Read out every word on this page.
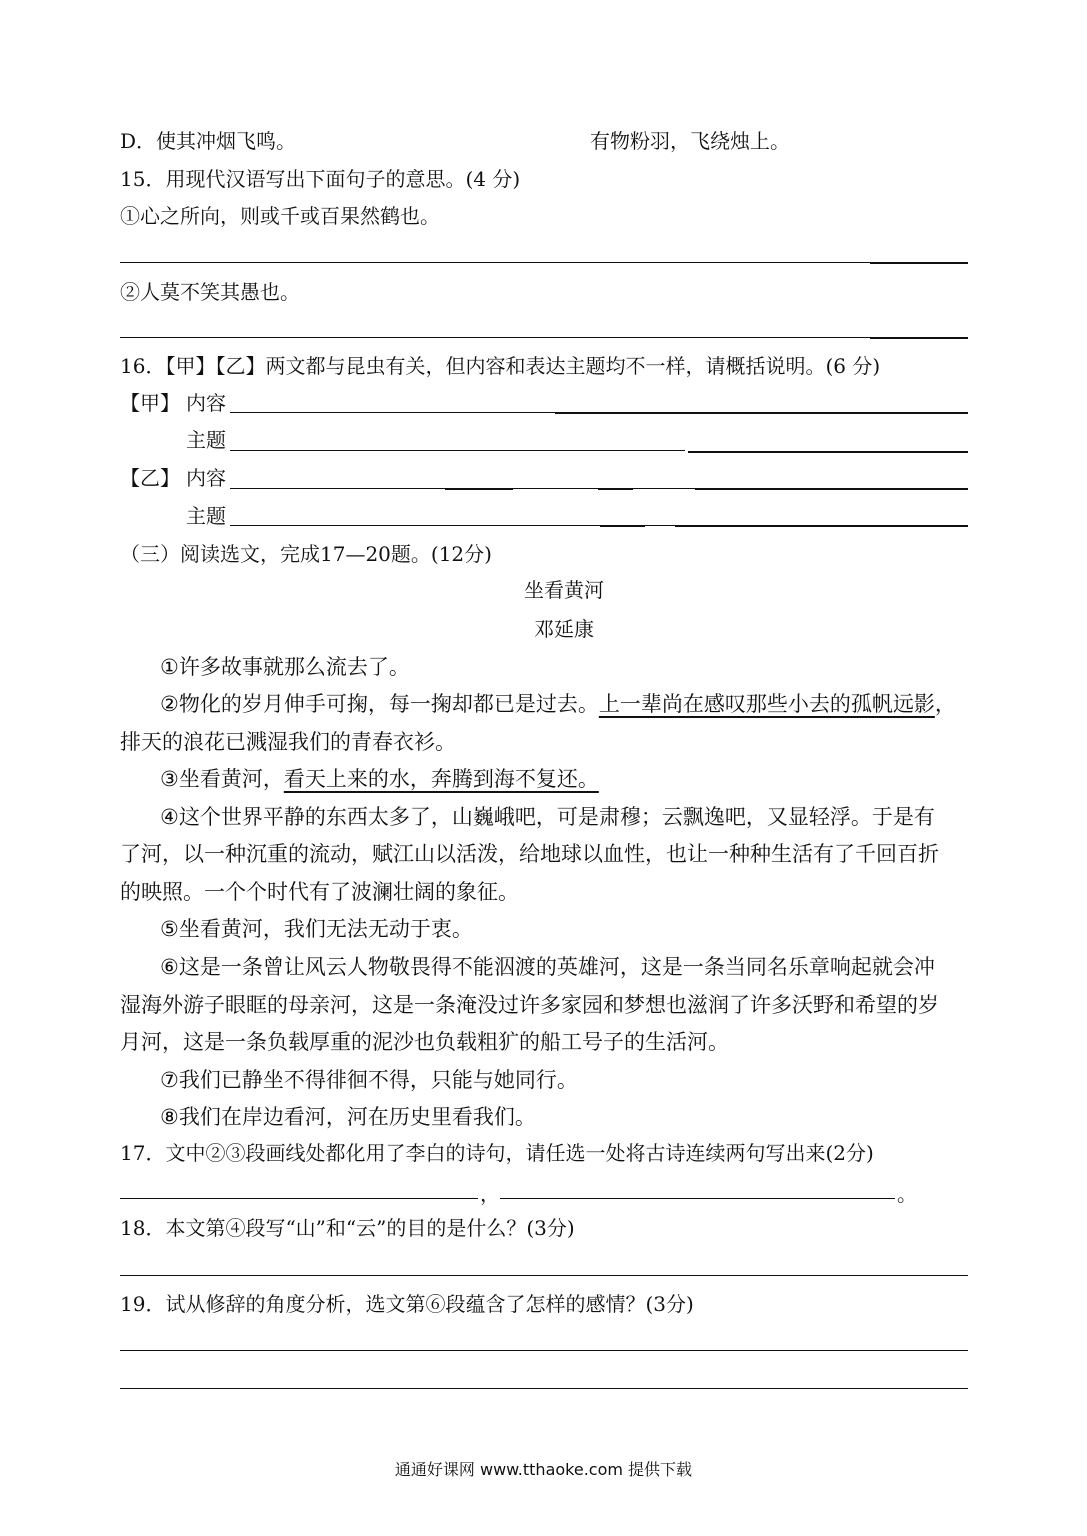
D．使其冲烟飞鸣。	有物粉羽，飞绕烛上。
15．用现代汉语写出下面句子的意思。(4 分)
①心之所向，则或千或百果然鹤也。
②人莫不笑其愚也。
16．【甲】【乙】两文都与昆虫有关，但内容和表达主题均不一样，请概括说明。(6 分)
【甲】 内容
主题
【乙】 内容
主题
（三）阅读选文，完成17—20题。(12分)
坐看黄河
邓延康
①许多故事就那么流去了。
②物化的岁月伸手可掬，每一掬却都已是过去。上一辈尚在感叹那些小去的孤帆远影，
排天的浪花已溅湿我们的青春衣衫。
③坐看黄河，看天上来的水，奔腾到海不复还。
④这个世界平静的东西太多了，山巍峨吧，可是肃穆；云飘逸吧，又显轻浮。于是有
了河，以一种沉重的流动，赋江山以活泼，给地球以血性，也让一种种生活有了千回百折
的映照。一个个时代有了波澜壮阔的象征。
⑤坐看黄河，我们无法无动于衷。
⑥这是一条曾让风云人物敬畏得不能泅渡的英雄河，这是一条当同名乐章响起就会冲
湿海外游子眼眶的母亲河，这是一条淹没过许多家园和梦想也滋润了许多沃野和希望的岁
月河，这是一条负载厚重的泥沙也负载粗犷的船工号子的生活河。
⑦我们已静坐不得徘徊不得，只能与她同行。
⑧我们在岸边看河，河在历史里看我们。
17．文中②③段画线处都化用了李白的诗句，请任选一处将古诗连续两句写出来(2分)
，	。
18．本文第④段写“山”和“云”的目的是什么？(3分)
19．试从修辞的角度分析，选文第⑥段蕴含了怎样的感情？(3分)
通通好课网 www.tthaoke.com 提供下载
